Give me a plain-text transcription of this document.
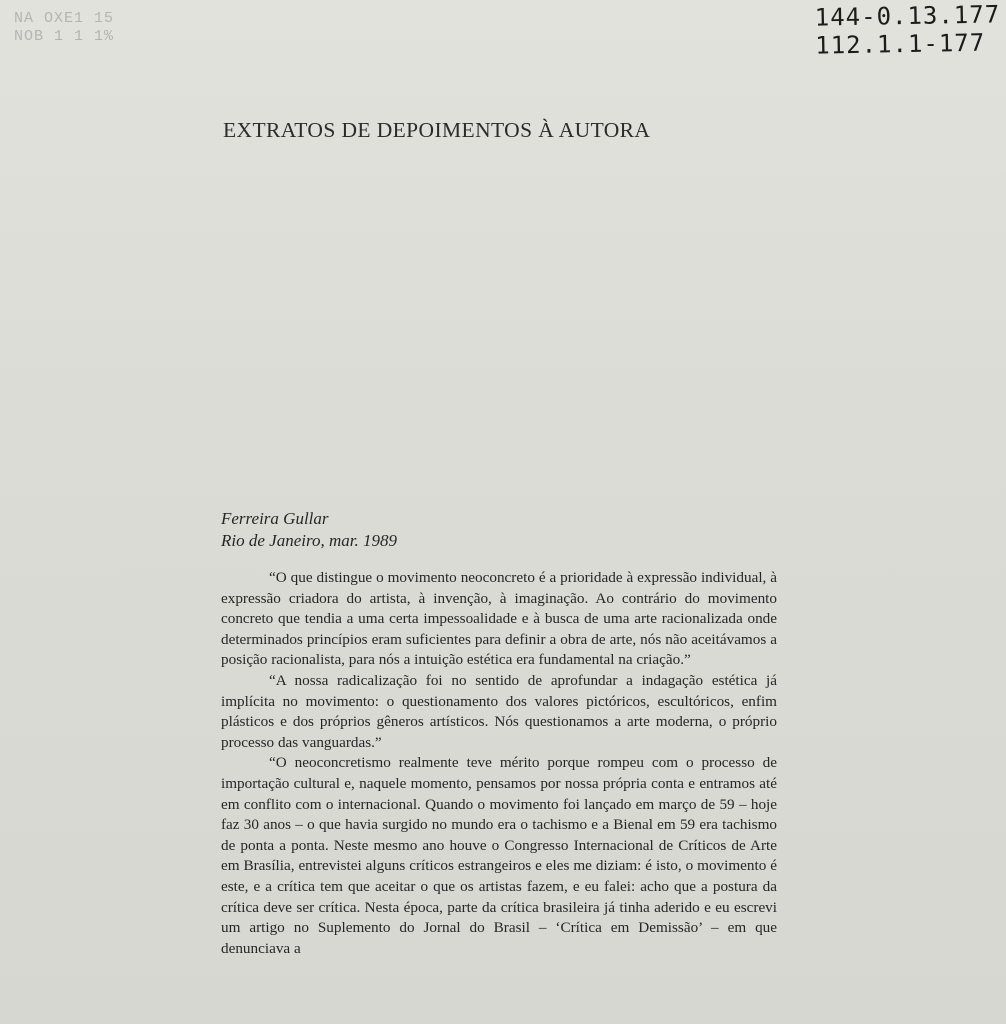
NA OXE1 15
NOB 1 1 1%
144-0.13.177
112.1.1-177
EXTRATOS DE DEPOIMENTOS À AUTORA
Ferreira Gullar
Rio de Janeiro, mar. 1989

“O que distingue o movimento neoconcreto é a prioridade à expressão individual, à expressão criadora do artista, à invenção, à imaginação. Ao contrário do movimento concreto que tendia a uma certa impessoalidade e à busca de uma arte racionalizada onde determinados princípios eram suficientes para definir a obra de arte, nós não aceitávamos a posição racionalista, para nós a intuição estética era fundamental na criação.”

“A nossa radicalização foi no sentido de aprofundar a indagação estética já implícita no movimento: o questionamento dos valores pictóricos, escultóricos, enfim plásticos e dos próprios gêneros artísticos. Nós questionamos a arte moderna, o próprio processo das vanguardas.”

“O neoconcretismo realmente teve mérito porque rompeu com o processo de importação cultural e, naquele momento, pensamos por nossa própria conta e entramos até em conflito com o internacional. Quando o movimento foi lançado em março de 59 – hoje faz 30 anos – o que havia surgido no mundo era o tachismo e a Bienal em 59 era tachismo de ponta a ponta. Neste mesmo ano houve o Congresso Internacional de Críticos de Arte em Brasília, entrevistei alguns críticos estrangeiros e eles me diziam: é isto, o movimento é este, e a crítica tem que aceitar o que os artistas fazem, e eu falei: acho que a postura da crítica deve ser crítica. Nesta época, parte da crítica brasileira já tinha aderido e eu escrevi um artigo no Suplemento do Jornal do Brasil – ‘Crítica em Demissão’ – em que denunciava a
